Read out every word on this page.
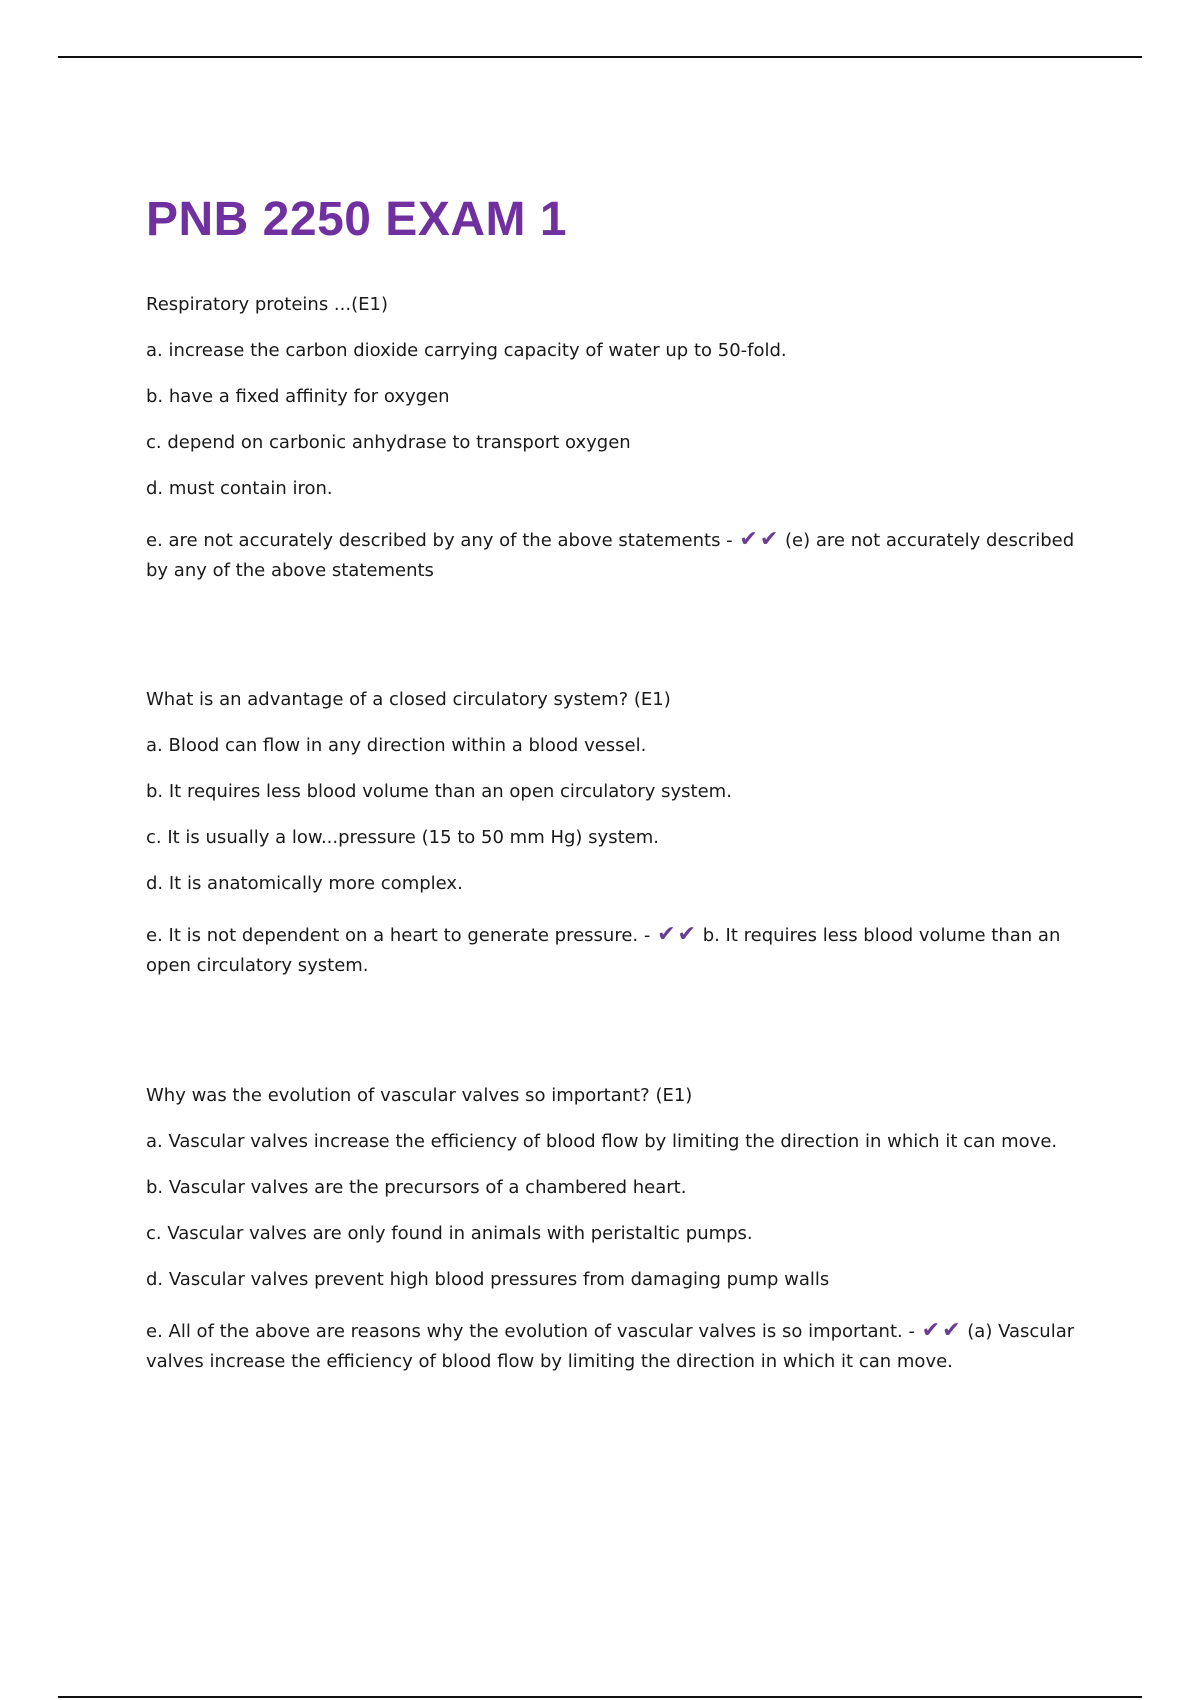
PNB 2250 EXAM 1

Respiratory proteins ...(E1)

a. increase the carbon dioxide carrying capacity of water up to 50-fold.

b. have a fixed affinity for oxygen

c. depend on carbonic anhydrase to transport oxygen

d. must contain iron.

e. are not accurately described by any of the above statements - ✔✔ (e) are not accurately described by any of the above statements

What is an advantage of a closed circulatory system? (E1)

a. Blood can flow in any direction within a blood vessel.

b. It requires less blood volume than an open circulatory system.

c. It is usually a low...pressure (15 to 50 mm Hg) system.

d. It is anatomically more complex.

e. It is not dependent on a heart to generate pressure. - ✔✔ b. It requires less blood volume than an open circulatory system.

Why was the evolution of vascular valves so important? (E1)

a. Vascular valves increase the efficiency of blood flow by limiting the direction in which it can move.

b. Vascular valves are the precursors of a chambered heart.

c. Vascular valves are only found in animals with peristaltic pumps.

d. Vascular valves prevent high blood pressures from damaging pump walls

e. All of the above are reasons why the evolution of vascular valves is so important. - ✔✔ (a) Vascular valves increase the efficiency of blood flow by limiting the direction in which it can move.
